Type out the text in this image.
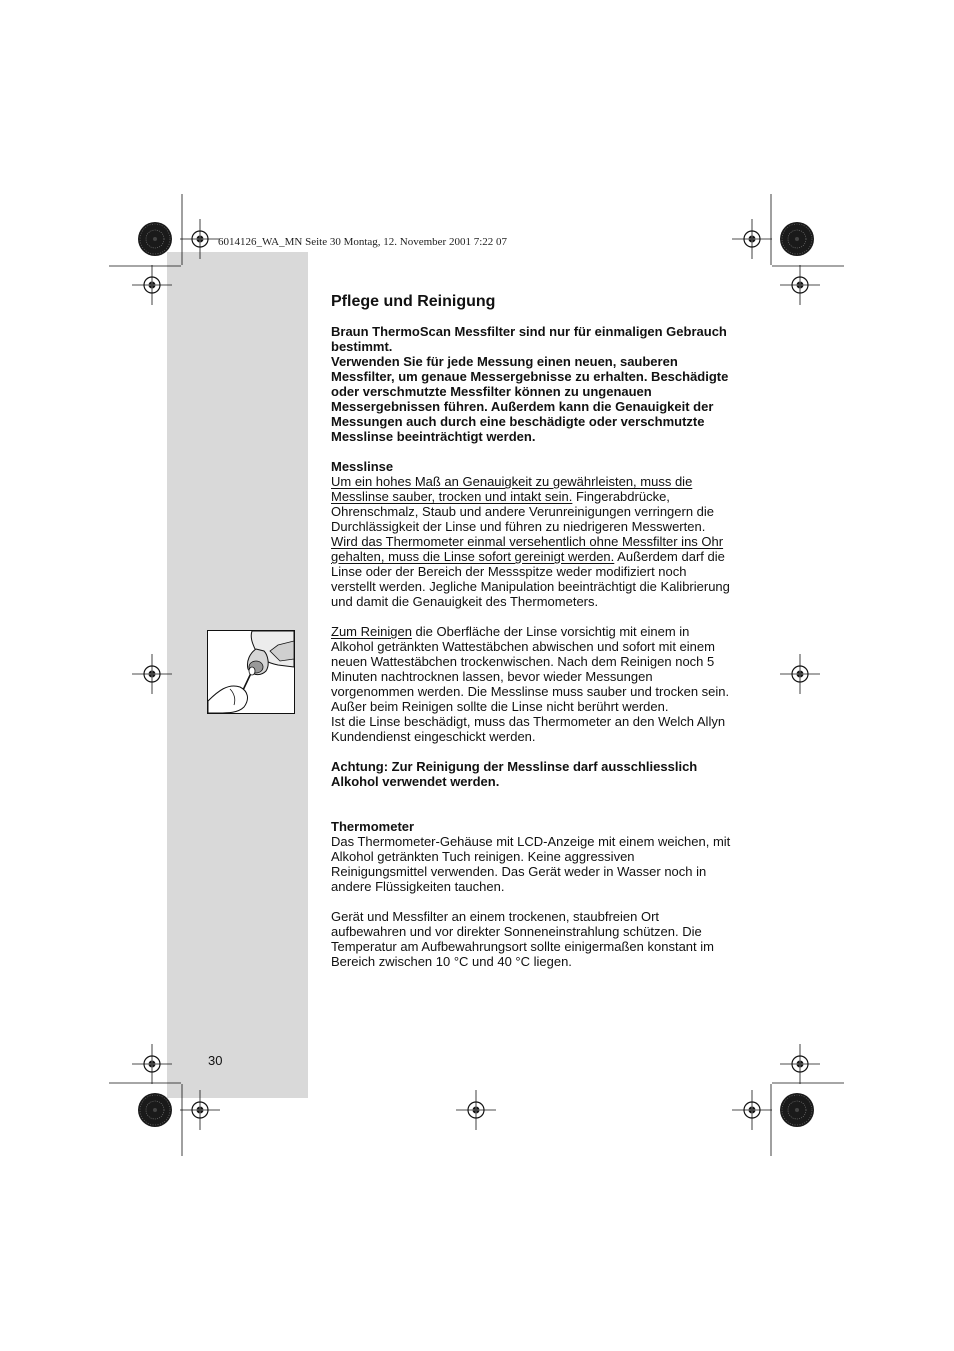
6014126_WA_MN Seite 30 Montag, 12. November 2001 7:22 07
Pflege und Reinigung
Braun ThermoScan Messfilter sind nur für einmaligen Gebrauch bestimmt.
Verwenden Sie für jede Messung einen neuen, sauberen Messfilter, um genaue Messergebnisse zu erhalten. Beschädigte oder verschmutzte Messfilter können zu ungenauen Messergebnissen führen. Außerdem kann die Genauigkeit der Messungen auch durch eine beschädigte oder verschmutzte Messlinse beeinträchtigt werden.
Messlinse
Um ein hohes Maß an Genauigkeit zu gewährleisten, muss die Messlinse sauber, trocken und intakt sein. Fingerabdrücke, Ohrenschmalz, Staub und andere Verunreinigungen verringern die Durchlässigkeit der Linse und führen zu niedrigeren Messwerten. Wird das Thermometer einmal versehentlich ohne Messfilter ins Ohr gehalten, muss die Linse sofort gereinigt werden. Außerdem darf die Linse oder der Bereich der Messspitze weder modifiziert noch verstellt werden. Jegliche Manipulation beeinträchtigt die Kalibrierung und damit die Genauigkeit des Thermometers.
Zum Reinigen die Oberfläche der Linse vorsichtig mit einem in Alkohol getränkten Wattestäbchen abwischen und sofort mit einem neuen Wattestäbchen trockenwischen. Nach dem Reinigen noch 5 Minuten nachtrocknen lassen, bevor wieder Messungen vorgenommen werden. Die Messlinse muss sauber und trocken sein. Außer beim Reinigen sollte die Linse nicht berührt werden.
Ist die Linse beschädigt, muss das Thermometer an den Welch Allyn Kundendienst eingeschickt werden.
Achtung: Zur Reinigung der Messlinse darf ausschliesslich Alkohol verwendet werden.
Thermometer
Das Thermometer-Gehäuse mit LCD-Anzeige mit einem weichen, mit Alkohol getränkten Tuch reinigen. Keine aggressiven Reinigungsmittel verwenden. Das Gerät weder in Wasser noch in andere Flüssigkeiten tauchen.
Gerät und Messfilter an einem trockenen, staubfreien Ort aufbewahren und vor direkter Sonneneinstrahlung schützen. Die Temperatur am Aufbewahrungsort sollte einigermaßen konstant im Bereich zwischen 10 °C und 40 °C liegen.
30
